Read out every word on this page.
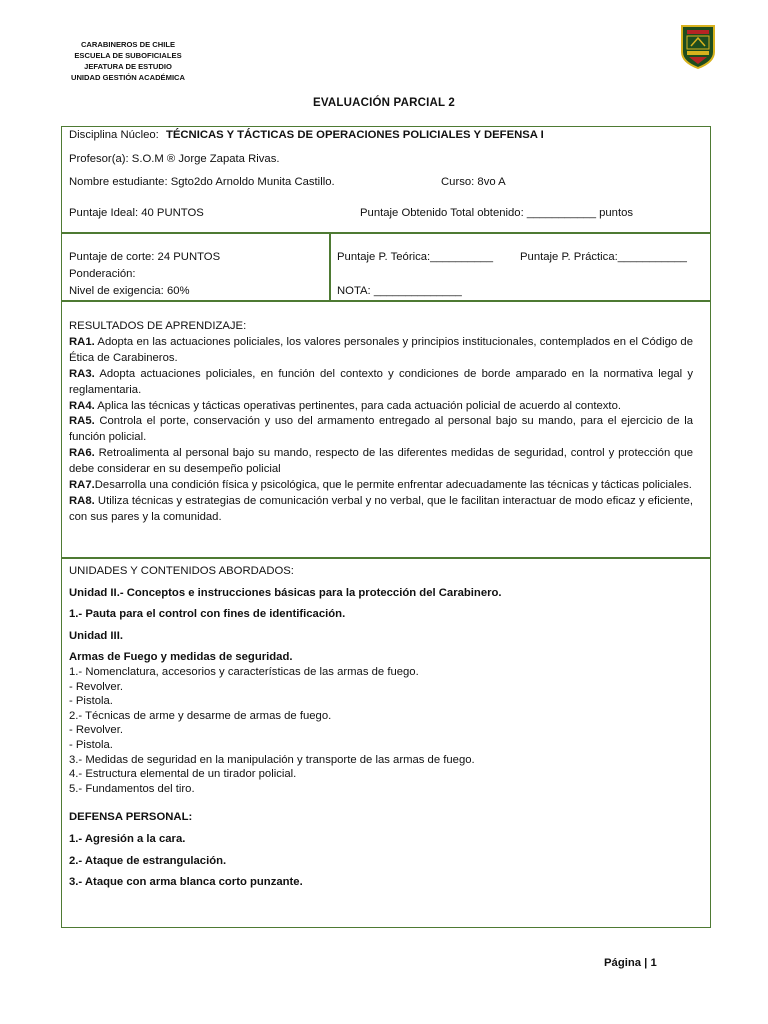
CARABINEROS DE CHILE
ESCUELA DE SUBOFICIALES
JEFATURA DE ESTUDIO
UNIDAD GESTIÓN ACADÉMICA
EVALUACIÓN PARCIAL 2
Disciplina Núcleo: TÉCNICAS Y TÁCTICAS DE OPERACIONES POLICIALES Y DEFENSA I
Profesor(a): S.O.M ® Jorge Zapata Rivas.
Nombre estudiante: Sgto2do Arnoldo Munita Castillo.	Curso: 8vo A
Puntaje Ideal: 40 PUNTOS	Puntaje Obtenido Total obtenido: ___________ puntos
Puntaje de corte: 24 PUNTOS
Ponderación:
Nivel de exigencia: 60%
Puntaje P. Teórica:__________ Puntaje P. Práctica:___________
NOTA: ______________
RESULTADOS DE APRENDIZAJE:
RA1. Adopta en las actuaciones policiales, los valores personales y principios institucionales, contemplados en el Código de Ética de Carabineros.
RA3. Adopta actuaciones policiales, en función del contexto y condiciones de borde amparado en la normativa legal y reglamentaria.
RA4. Aplica las técnicas y tácticas operativas pertinentes, para cada actuación policial de acuerdo al contexto.
RA5. Controla el porte, conservación y uso del armamento entregado al personal bajo su mando, para el ejercicio de la función policial.
RA6. Retroalimenta al personal bajo su mando, respecto de las diferentes medidas de seguridad, control y protección que debe considerar en su desempeño policial
RA7.Desarrolla una condición física y psicológica, que le permite enfrentar adecuadamente las técnicas y tácticas policiales.
RA8. Utiliza técnicas y estrategias de comunicación verbal y no verbal, que le facilitan interactuar de modo eficaz y eficiente, con sus pares y la comunidad.
UNIDADES Y CONTENIDOS ABORDADOS:
Unidad II.- Conceptos e instrucciones básicas para la protección del Carabinero.
1.- Pauta para el control con fines de identificación.
Unidad III.
Armas de Fuego y medidas de seguridad.
1.- Nomenclatura, accesorios y características de las armas de fuego.
- Revolver.
- Pistola.
2.- Técnicas de arme y desarme de armas de fuego.
- Revolver.
- Pistola.
3.- Medidas de seguridad en la manipulación y transporte de las armas de fuego.
4.- Estructura elemental de un tirador policial.
5.- Fundamentos del tiro.
DEFENSA PERSONAL:
1.- Agresión a la cara.
2.- Ataque de estrangulación.
3.- Ataque con arma blanca corto punzante.
Página | 1
